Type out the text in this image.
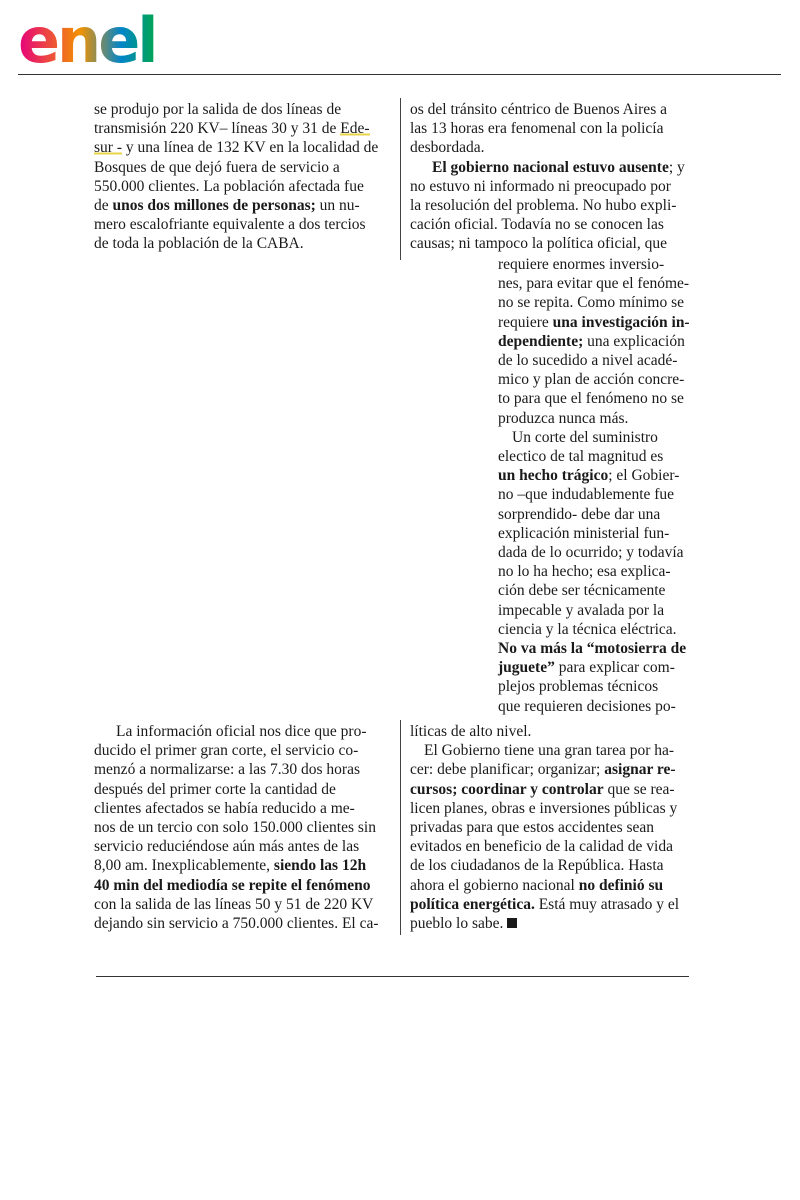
enel
se produjo por la salida de dos líneas de
transmisión 220 KV– líneas 30 y 31 de Ede-
sur - y una línea de 132 KV en la localidad de
Bosques de que dejó fuera de servicio a
550.000 clientes. La población afectada fue
de unos dos millones de personas; un nu-
mero escalofriante equivalente a dos tercios
de toda la población de la CABA.
os del tránsito céntrico de Buenos Aires a
las 13 horas era fenomenal con la policía
desbordada.
El gobierno nacional estuvo ausente; y
no estuvo ni informado ni preocupado por
la resolución del problema. No hubo expli-
cación oficial. Todavía no se conocen las
causas; ni tampoco la política oficial, que
requiere enormes inversio-
nes, para evitar que el fenóme-
no se repita. Como mínimo se
requiere una investigación in-
dependiente; una explicación
de lo sucedido a nivel acadé-
mico y plan de acción concre-
to para que el fenómeno no se
produzca nunca más.
Un corte del suministro
electico de tal magnitud es
un hecho trágico; el Gobier-
no –que indudablemente fue
sorprendido- debe dar una
explicación ministerial fun-
dada de lo ocurrido; y todavía
no lo ha hecho; esa explica-
ción debe ser técnicamente
impecable y avalada por la
ciencia y la técnica eléctrica.
No va más la “motosierra de
juguete” para explicar com-
plejos problemas técnicos
que requieren decisiones po-
La información oficial nos dice que pro-
ducido el primer gran corte, el servicio co-
menzó a normalizarse: a las 7.30 dos horas
después del primer corte la cantidad de
clientes afectados se había reducido a me-
nos de un tercio con solo 150.000 clientes sin
servicio reduciéndose aún más antes de las
8,00 am. Inexplicablemente, siendo las 12h
40 min del mediodía se repite el fenómeno
con la salida de las líneas 50 y 51 de 220 KV
dejando sin servicio a 750.000 clientes. El ca-
líticas de alto nivel.
El Gobierno tiene una gran tarea por ha-
cer: debe planificar; organizar; asignar re-
cursos; coordinar y controlar que se rea-
licen planes, obras e inversiones públicas y
privadas para que estos accidentes sean
evitados en beneficio de la calidad de vida
de los ciudadanos de la República. Hasta
ahora el gobierno nacional no definió su
política energética. Está muy atrasado y el
pueblo lo sabe.
